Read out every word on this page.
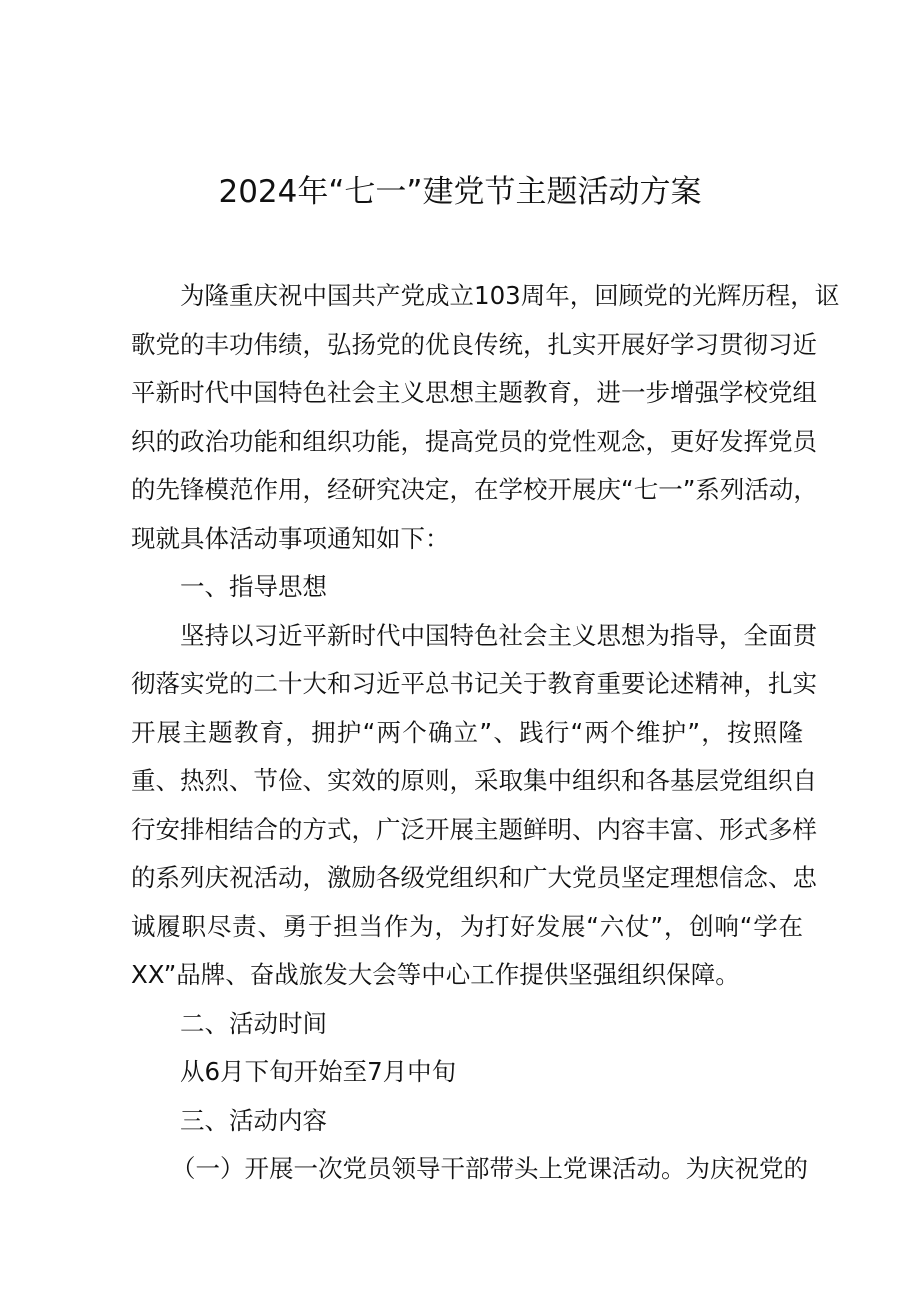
2024年“七一”建党节主题活动方案

为隆重庆祝中国共产党成立103周年，回顾党的光辉历程，讴

歌党的丰功伟绩，弘扬党的优良传统，扎实开展好学习贯彻习近

平新时代中国特色社会主义思想主题教育，进一步增强学校党组

织的政治功能和组织功能，提高党员的党性观念，更好发挥党员

的先锋模范作用，经研究决定，在学校开展庆“七一”系列活动，

现就具体活动事项通知如下：

一、指导思想

坚持以习近平新时代中国特色社会主义思想为指导，全面贯

彻落实党的二十大和习近平总书记关于教育重要论述精神，扎实

开展主题教育，拥护“两个确立”、践行“两个维护”，按照隆

重、热烈、节俭、实效的原则，采取集中组织和各基层党组织自

行安排相结合的方式，广泛开展主题鲜明、内容丰富、形式多样

的系列庆祝活动，激励各级党组织和广大党员坚定理想信念、忠

诚履职尽责、勇于担当作为，为打好发展“六仗”，创响“学在

XX”品牌、奋战旅发大会等中心工作提供坚强组织保障。

二、活动时间

从6月下旬开始至7月中旬

三、活动内容

（一）开展一次党员领导干部带头上党课活动。为庆祝党的
